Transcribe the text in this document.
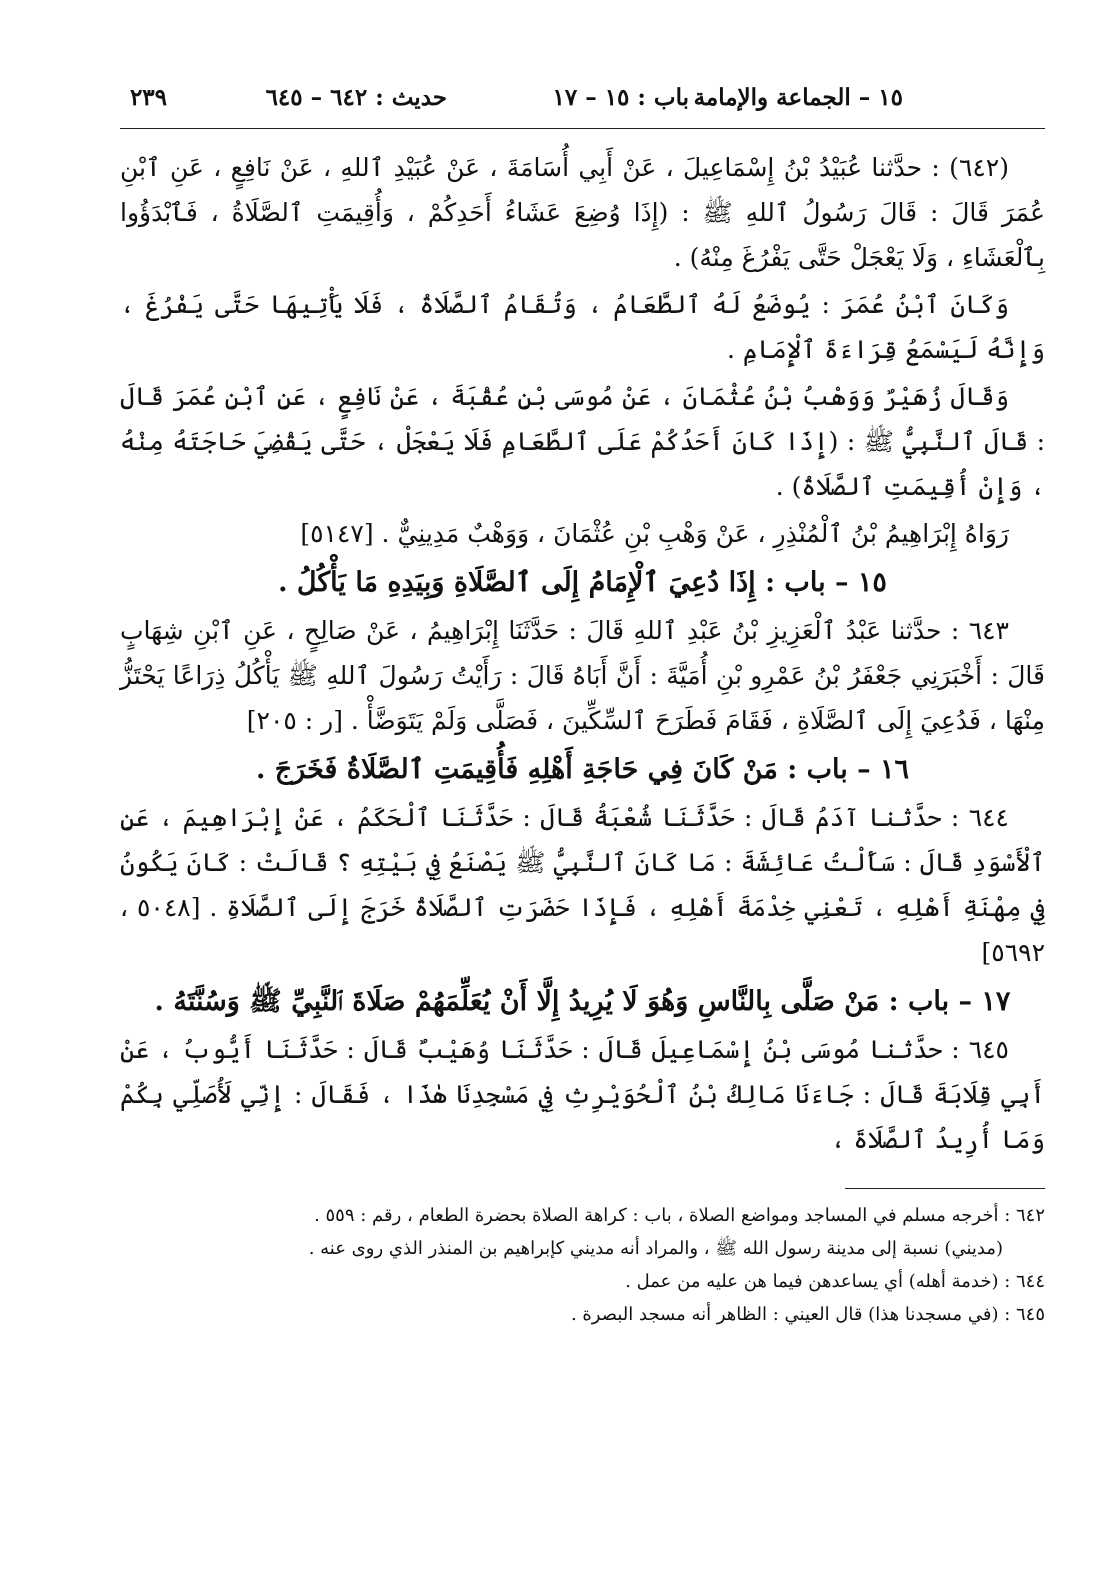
١٥ – الجماعة والإمامة
باب : ١٥ – ١٧
حديث : ٦٤٢ – ٦٤٥
٢٣٩

(٦٤٢) : حدَّثنا عُبَيْدُ بْنُ إِسْمَاعِيلَ ، عَنْ أَبِي أُسَامَةَ ، عَنْ عُبَيْدِ ٱللهِ ، عَنْ نَافِعٍ ، عَنِ ٱبْنِ عُمَرَ قَالَ : قَالَ رَسُولُ ٱللهِ ﷺ : (إِذَا وُضِعَ عَشَاءُ أَحَدِكُمْ ، وَأُقِيمَتِ ٱلصَّلَاةُ ، فَٱبْدَؤُوا بِٱلْعَشَاءِ ، وَلَا يَعْجَلْ حَتَّى يَفْرُغَ مِنْهُ) .

وَكَانَ ٱبْنُ عُمَرَ : يُوضَعُ لَهُ ٱلطَّعَامُ ، وَتُقَامُ ٱلصَّلَاةُ ، فَلَا يَأْتِيهَا حَتَّى يَفْرُغَ ، وَإِنَّهُ لَيَسْمَعُ قِرَاءَةَ ٱلْإِمَامِ .

وَقَالَ زُهَيْرٌ وَوَهْبُ بْنُ عُثْمَانَ ، عَنْ مُوسَى بْنِ عُقْبَةَ ، عَنْ نَافِعٍ ، عَنِ ٱبْنِ عُمَرَ قَالَ : قَالَ ٱلنَّبِيُّ ﷺ : (إِذَا كَانَ أَحَدُكُمْ عَلَى ٱلطَّعَامِ فَلَا يَعْجَلْ ، حَتَّى يَقْضِيَ حَاجَتَهُ مِنْهُ ، وَإِنْ أُقِيمَتِ ٱلصَّلَاةُ) .

رَوَاهُ إِبْرَاهِيمُ بْنُ ٱلْمُنْذِرِ ، عَنْ وَهْبِ بْنِ عُثْمَانَ ، وَوَهْبٌ مَدِينِيٌّ . [٥١٤٧]

١٥ – باب : إِذَا دُعِيَ ٱلْإِمَامُ إِلَى ٱلصَّلَاةِ وَبِيَدِهِ مَا يَأْكُلُ .

٦٤٣ : حدَّثنا عَبْدُ ٱلْعَزِيزِ بْنُ عَبْدِ ٱللهِ قَالَ : حَدَّثَنَا إِبْرَاهِيمُ ، عَنْ صَالِحٍ ، عَنِ ٱبْنِ شِهَابٍ قَالَ : أَخْبَرَنِي جَعْفَرُ بْنُ عَمْرِو بْنِ أُمَيَّةَ : أَنَّ أَبَاهُ قَالَ : رَأَيْتُ رَسُولَ ٱللهِ ﷺ يَأْكُلُ ذِرَاعًا يَحْتَزُّ مِنْهَا ، فَدُعِيَ إِلَى ٱلصَّلَاةِ ، فَقَامَ فَطَرَحَ ٱلسِّكِّينَ ، فَصَلَّى وَلَمْ يَتَوَضَّأْ . [ر : ٢٠٥]

١٦ – باب : مَنْ كَانَ فِي حَاجَةِ أَهْلِهِ فَأُقِيمَتِ ٱلصَّلَاةُ فَخَرَجَ .

٦٤٤ : حدَّثنا آدَمُ قَالَ : حَدَّثَنَا شُعْبَةُ قَالَ : حَدَّثَنَا ٱلْحَكَمُ ، عَنْ إِبْرَاهِيمَ ، عَنِ ٱلْأَسْوَدِ قَالَ : سَأَلْتُ عَائِشَةَ : مَا كَانَ ٱلنَّبِيُّ ﷺ يَصْنَعُ فِي بَيْتِهِ ؟ قَالَتْ : كَانَ يَكُونُ فِي مِهْنَةِ أَهْلِهِ ، تَعْنِي خِدْمَةَ أَهْلِهِ ، فَإِذَا حَضَرَتِ ٱلصَّلَاةُ خَرَجَ إِلَى ٱلصَّلَاةِ . [٥٠٤٨ ، ٥٦٩٢]

١٧ – باب : مَنْ صَلَّى بِالنَّاسِ وَهُوَ لَا يُرِيدُ إِلَّا أَنْ يُعَلِّمَهُمْ صَلَاةَ ٱلنَّبِيِّ ﷺ وَسُنَّتَهُ .

٦٤٥ : حدَّثنا مُوسَى بْنُ إِسْمَاعِيلَ قَالَ : حَدَّثَنَا وُهَيْبٌ قَالَ : حَدَّثَنَا أَيُّوبُ ، عَنْ أَبِي قِلَابَةَ قَالَ : جَاءَنَا مَالِكُ بْنُ ٱلْحُوَيْرِثِ فِي مَسْجِدِنَا هٰذَا ، فَقَالَ : إِنِّي لَأُصَلِّي بِكُمْ وَمَا أُرِيدُ ٱلصَّلَاةَ ،

٦٤٢ : أخرجه مسلم في المساجد ومواضع الصلاة ، باب : كراهة الصلاة بحضرة الطعام ، رقم : ٥٥٩ .

(مديني) نسبة إلى مدينة رسول الله ﷺ ، والمراد أنه مديني كإبراهيم بن المنذر الذي روى عنه .

٦٤٤ : (خدمة أهله) أي يساعدهن فيما هن عليه من عمل .

٦٤٥ : (في مسجدنا هذا) قال العيني : الظاهر أنه مسجد البصرة .
